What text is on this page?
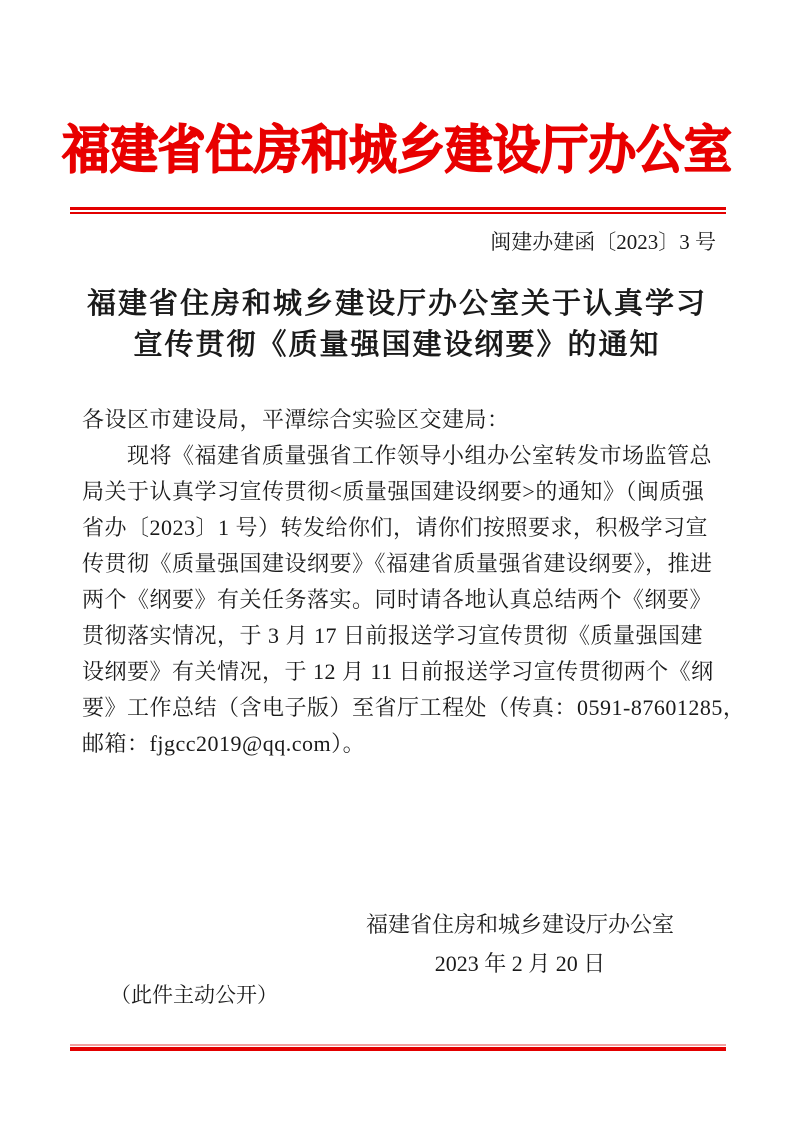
福建省住房和城乡建设厅办公室
闽建办建函〔2023〕3 号
福建省住房和城乡建设厅办公室关于认真学习
宣传贯彻《质量强国建设纲要》的通知
各设区市建设局，平潭综合实验区交建局：
现将《福建省质量强省工作领导小组办公室转发市场监管总
局关于认真学习宣传贯彻<质量强国建设纲要>的通知》（闽质强
省办〔2023〕1 号）转发给你们，请你们按照要求，积极学习宣
传贯彻《质量强国建设纲要》《福建省质量强省建设纲要》，推进
两个《纲要》有关任务落实。同时请各地认真总结两个《纲要》
贯彻落实情况，于 3 月 17 日前报送学习宣传贯彻《质量强国建
设纲要》有关情况，于 12 月 11 日前报送学习宣传贯彻两个《纲
要》工作总结（含电子版）至省厅工程处（传真：0591-87601285，
邮箱：fjgcc2019@qq.com）。
福建省住房和城乡建设厅办公室
2023 年 2 月 20 日
（此件主动公开）
